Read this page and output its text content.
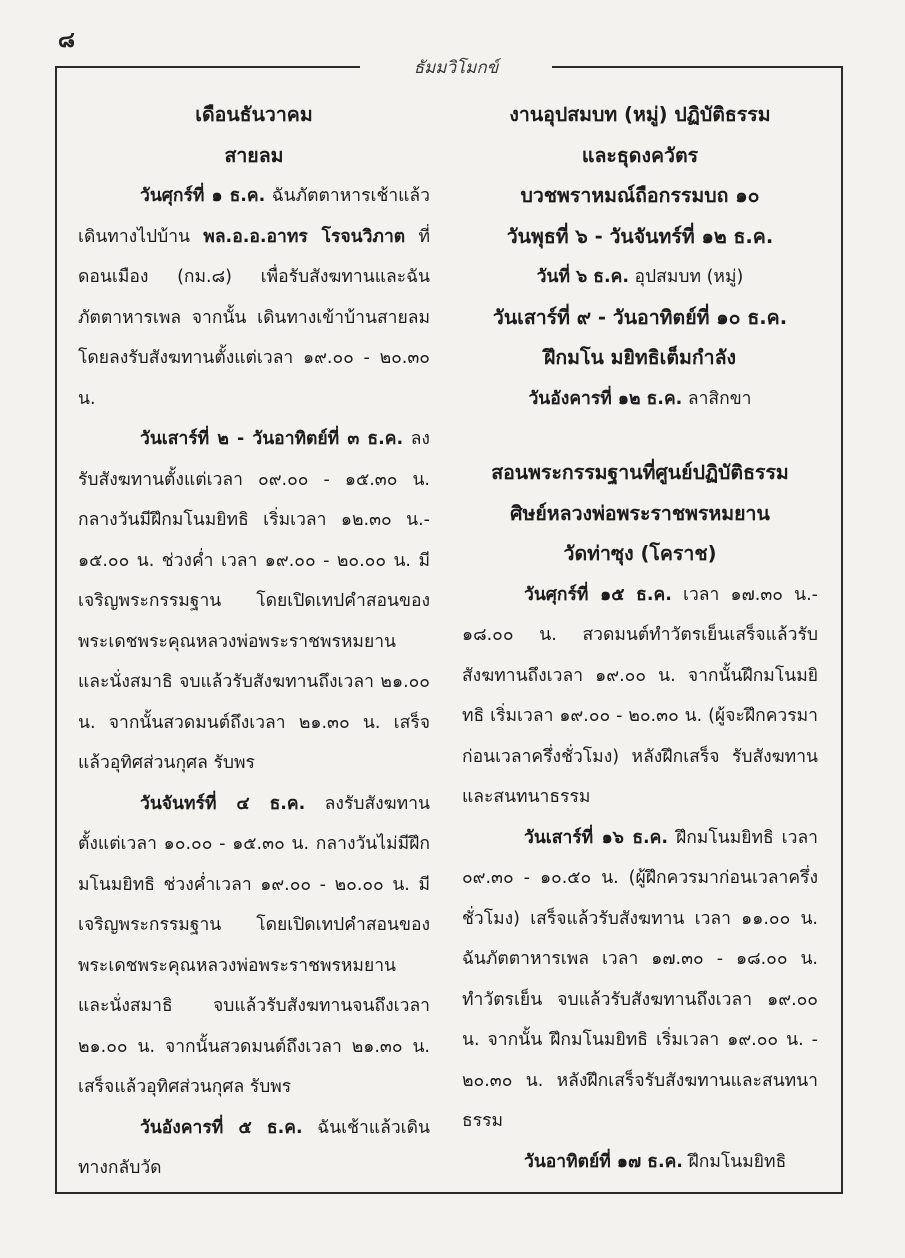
๘
ธัมมวิโมกข์

เดือนธันวาคม

สายลม

วันศุกร์ที่ ๑ ธ.ค. ฉันภัตตาหารเช้าแล้วเดินทางไปบ้าน พล.อ.อ.อาทร โรจนวิภาต ที่ดอนเมือง (กม.๘) เพื่อรับสังฆทานและฉันภัตตาหารเพล จากนั้น เดินทางเข้าบ้านสายลม โดยลงรับสังฆทานตั้งแต่เวลา ๑๙.๐๐ - ๒๐.๓๐ น.

วันเสาร์ที่ ๒ - วันอาทิตย์ที่ ๓ ธ.ค. ลงรับสังฆทานตั้งแต่เวลา ๐๙.๐๐ - ๑๕.๓๐ น. กลางวันมีฝึกมโนมยิทธิ เริ่มเวลา ๑๒.๓๐ น.- ๑๕.๐๐ น. ช่วงค่ำ เวลา ๑๙.๐๐ - ๒๐.๐๐ น. มีเจริญพระกรรมฐาน โดยเปิดเทปคำสอนของพระเดชพระคุณหลวงพ่อพระราชพรหมยาน และนั่งสมาธิ จบแล้วรับสังฆทานถึงเวลา ๒๑.๐๐ น. จากนั้นสวดมนต์ถึงเวลา ๒๑.๓๐ น. เสร็จแล้วอุทิศส่วนกุศล รับพร

วันจันทร์ที่ ๔ ธ.ค. ลงรับสังฆทานตั้งแต่เวลา ๑๐.๐๐ - ๑๕.๓๐ น. กลางวันไม่มีฝึกมโนมยิทธิ ช่วงค่ำเวลา ๑๙.๐๐ - ๒๐.๐๐ น. มีเจริญพระกรรมฐาน โดยเปิดเทปคำสอนของพระเดชพระคุณหลวงพ่อพระราชพรหมยาน และนั่งสมาธิ จบแล้วรับสังฆทานจนถึงเวลา ๒๑.๐๐ น. จากนั้นสวดมนต์ถึงเวลา ๒๑.๓๐ น. เสร็จแล้วอุทิศส่วนกุศล รับพร

วันอังคารที่ ๕ ธ.ค. ฉันเช้าแล้วเดินทางกลับวัด

งานอุปสมบท (หมู่) ปฏิบัติธรรม

และธุดงควัตร

บวชพราหมณ์ถือกรรมบถ ๑๐

วันพุธที่ ๖ - วันจันทร์ที่ ๑๒ ธ.ค.

วันที่ ๖ ธ.ค. อุปสมบท (หมู่)

วันเสาร์ที่ ๙ - วันอาทิตย์ที่ ๑๐ ธ.ค.

ฝึกมโน มยิทธิเต็มกำลัง

วันอังคารที่ ๑๒ ธ.ค. ลาสิกขา

สอนพระกรรมฐานที่ศูนย์ปฏิบัติธรรม

ศิษย์หลวงพ่อพระราชพรหมยาน

วัดท่าซุง (โคราช)

วันศุกร์ที่ ๑๕ ธ.ค. เวลา ๑๗.๓๐ น.- ๑๘.๐๐ น. สวดมนต์ทำวัตรเย็นเสร็จแล้วรับสังฆทานถึงเวลา ๑๙.๐๐ น. จากนั้นฝึกมโนมยิทธิ เริ่มเวลา ๑๙.๐๐ - ๒๐.๓๐ น. (ผู้จะฝึกควรมาก่อนเวลาครึ่งชั่วโมง) หลังฝึกเสร็จ รับสังฆทานและสนทนาธรรม

วันเสาร์ที่ ๑๖ ธ.ค. ฝึกมโนมยิทธิ เวลา ๐๙.๓๐ - ๑๐.๕๐ น. (ผู้ฝึกควรมาก่อนเวลาครึ่งชั่วโมง) เสร็จแล้วรับสังฆทาน เวลา ๑๑.๐๐ น. ฉันภัตตาหารเพล เวลา ๑๗.๓๐ - ๑๘.๐๐ น. ทำวัตรเย็น จบแล้วรับสังฆทานถึงเวลา ๑๙.๐๐ น. จากนั้น ฝึกมโนมยิทธิ เริ่มเวลา ๑๙.๐๐ น. - ๒๐.๓๐ น. หลังฝึกเสร็จรับสังฆทานและสนทนาธรรม

วันอาทิตย์ที่ ๑๗ ธ.ค. ฝึกมโนมยิทธิ
